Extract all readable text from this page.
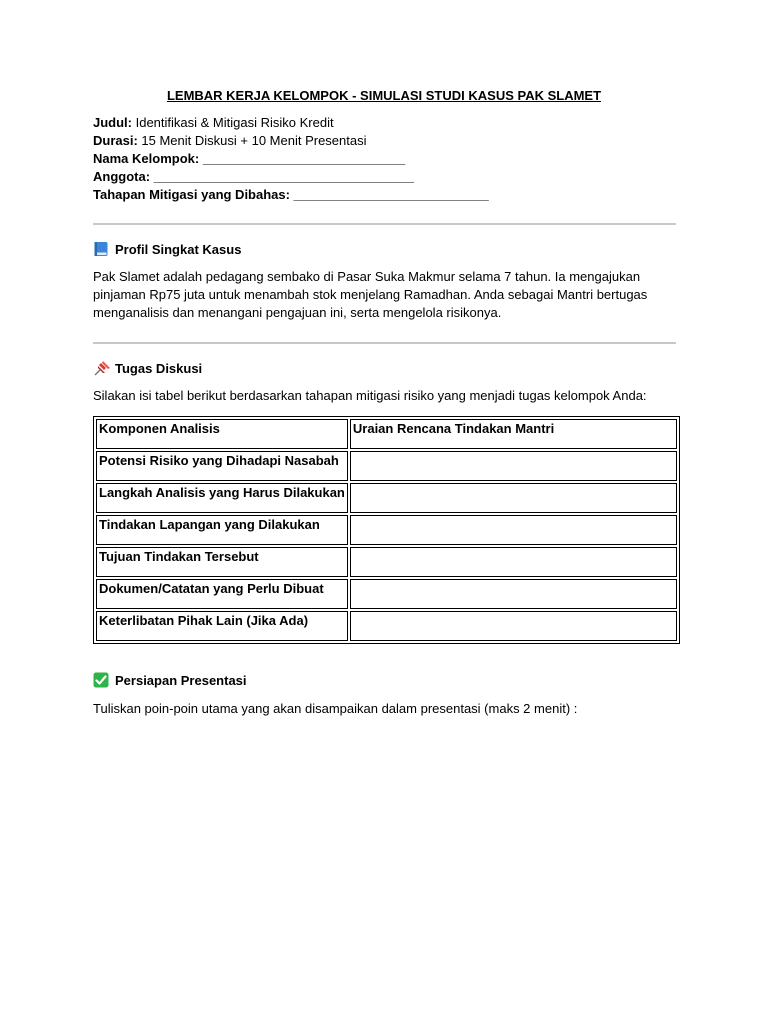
LEMBAR KERJA KELOMPOK - SIMULASI STUDI KASUS PAK SLAMET
Judul: Identifikasi & Mitigasi Risiko Kredit
Durasi: 15 Menit Diskusi + 10 Menit Presentasi
Nama Kelompok: ____________________________
Anggota: ____________________________________
Tahapan Mitigasi yang Dibahas: ___________________________
Profil Singkat Kasus
Pak Slamet adalah pedagang sembako di Pasar Suka Makmur selama 7 tahun. Ia mengajukan pinjaman Rp75 juta untuk menambah stok menjelang Ramadhan. Anda sebagai Mantri bertugas menganalisis dan menangani pengajuan ini, serta mengelola risikonya.
Tugas Diskusi
Silakan isi tabel berikut berdasarkan tahapan mitigasi risiko yang menjadi tugas kelompok Anda:
Komponen Analisis	Uraian Rencana Tindakan Mantri
Potensi Risiko yang Dihadapi Nasabah	
Langkah Analisis yang Harus Dilakukan	
Tindakan Lapangan yang Dilakukan	
Tujuan Tindakan Tersebut	
Dokumen/Catatan yang Perlu Dibuat	
Keterlibatan Pihak Lain (Jika Ada)	
Persiapan Presentasi
Tuliskan poin-poin utama yang akan disampaikan dalam presentasi (maks 2 menit) :
